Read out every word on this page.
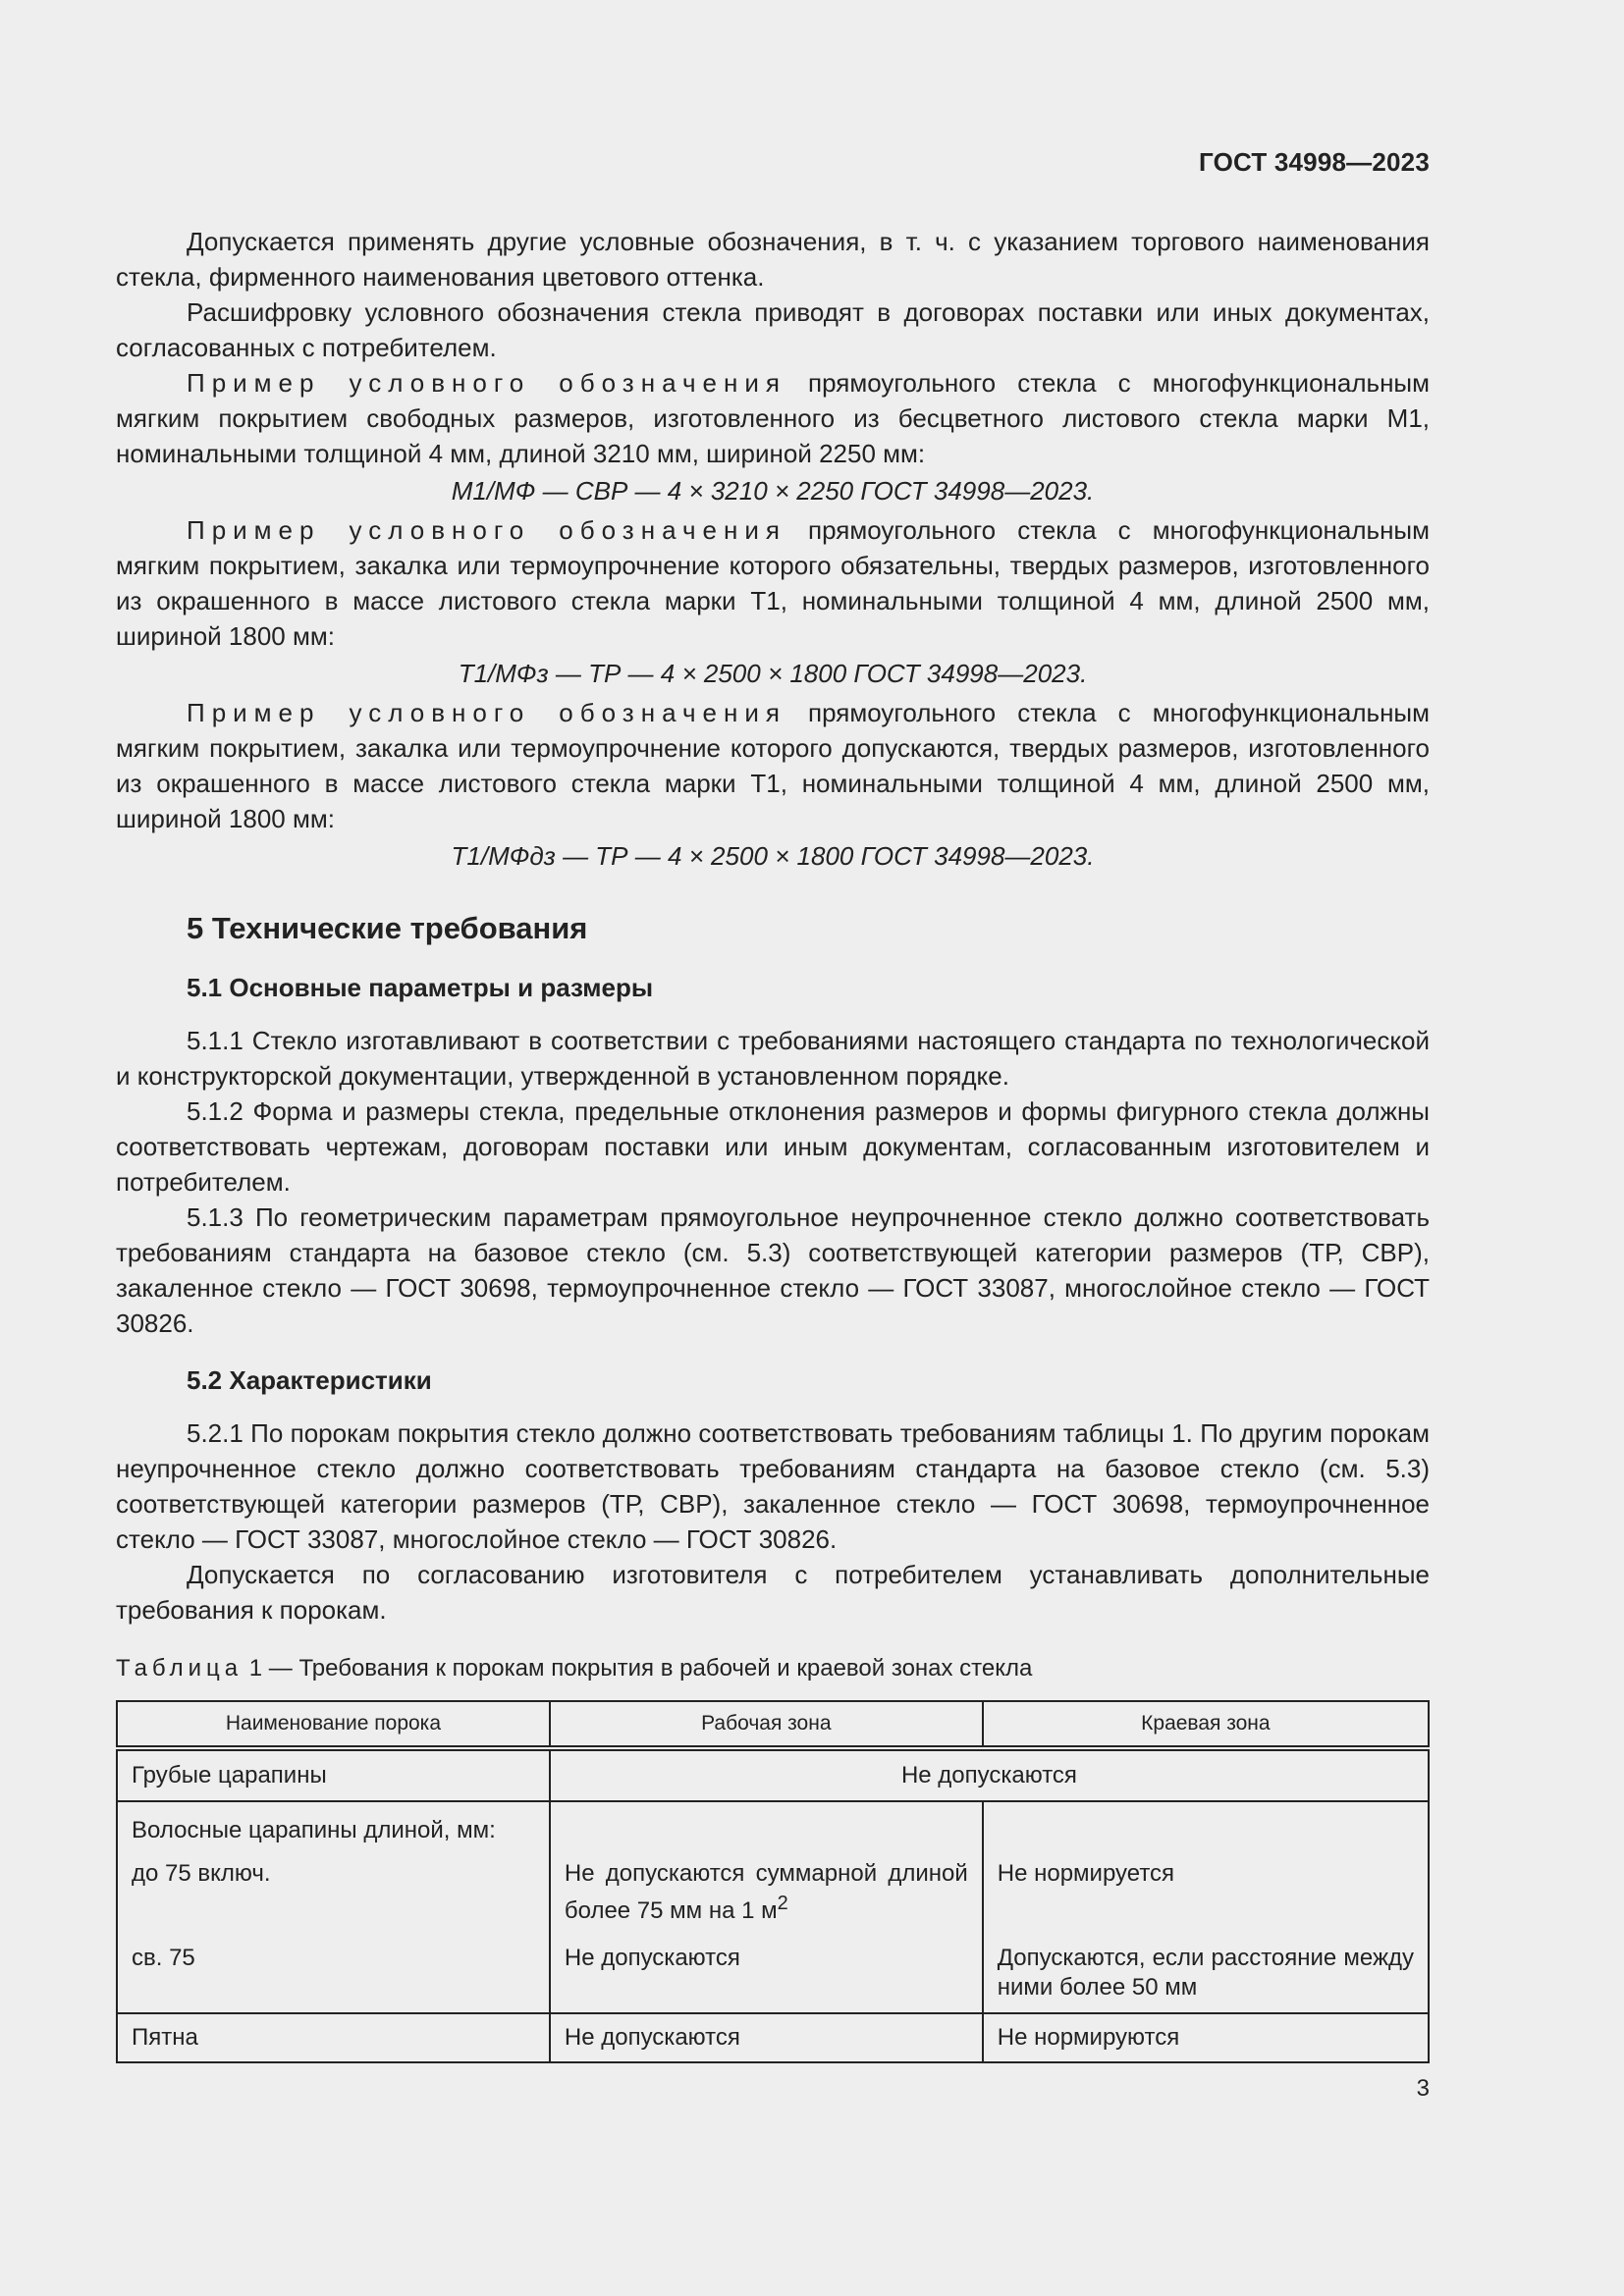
ГОСТ 34998—2023

Допускается применять другие условные обозначения, в т. ч. с указанием торгового наименования стекла, фирменного наименования цветового оттенка.

Расшифровку условного обозначения стекла приводят в договорах поставки или иных документах, согласованных с потребителем.

Пример условного обозначения прямоугольного стекла с многофункциональным мягким покрытием свободных размеров, изготовленного из бесцветного листового стекла марки М1, номинальными толщиной 4 мм, длиной 3210 мм, шириной 2250 мм:

М1/МФ — СВР — 4 × 3210 × 2250 ГОСТ 34998—2023.

Пример условного обозначения прямоугольного стекла с многофункциональным мягким покрытием, закалка или термоупрочнение которого обязательны, твердых размеров, изготовленного из окрашенного в массе листового стекла марки Т1, номинальными толщиной 4 мм, длиной 2500 мм, шириной 1800 мм:

Т1/МФз — ТР — 4 × 2500 × 1800 ГОСТ 34998—2023.

Пример условного обозначения прямоугольного стекла с многофункциональным мягким покрытием, закалка или термоупрочнение которого допускаются, твердых размеров, изготовленного из окрашенного в массе листового стекла марки Т1, номинальными толщиной 4 мм, длиной 2500 мм, шириной 1800 мм:

Т1/МФдз — ТР — 4 × 2500 × 1800 ГОСТ 34998—2023.

5 Технические требования
5.1 Основные параметры и размеры

5.1.1 Стекло изготавливают в соответствии с требованиями настоящего стандарта по технологической и конструкторской документации, утвержденной в установленном порядке.

5.1.2 Форма и размеры стекла, предельные отклонения размеров и формы фигурного стекла должны соответствовать чертежам, договорам поставки или иным документам, согласованным изготовителем и потребителем.

5.1.3 По геометрическим параметрам прямоугольное неупрочненное стекло должно соответствовать требованиям стандарта на базовое стекло (см. 5.3) соответствующей категории размеров (ТР, СВР), закаленное стекло — ГОСТ 30698, термоупрочненное стекло — ГОСТ 33087, многослойное стекло — ГОСТ 30826.

5.2 Характеристики

5.2.1 По порокам покрытия стекло должно соответствовать требованиям таблицы 1. По другим порокам неупрочненное стекло должно соответствовать требованиям стандарта на базовое стекло (см. 5.3) соответствующей категории размеров (ТР, СВР), закаленное стекло — ГОСТ 30698, термоупрочненное стекло — ГОСТ 33087, многослойное стекло — ГОСТ 30826.

Допускается по согласованию изготовителя с потребителем устанавливать дополнительные требования к порокам.

Таблица 1 — Требования к порокам покрытия в рабочей и краевой зонах стекла

Наименование порока	Рабочая зона	Краевая зона
Грубые царапины	Не допускаются	
Волосные царапины длиной, мм:		
до 75 включ.	Не допускаются суммарной длиной более 75 мм на 1 $м^2$	Не нормируется
св. 75	Не допускаются	Допускаются, если расстояние между ними более 50 мм
Пятна	Не допускаются	Не нормируются
3
